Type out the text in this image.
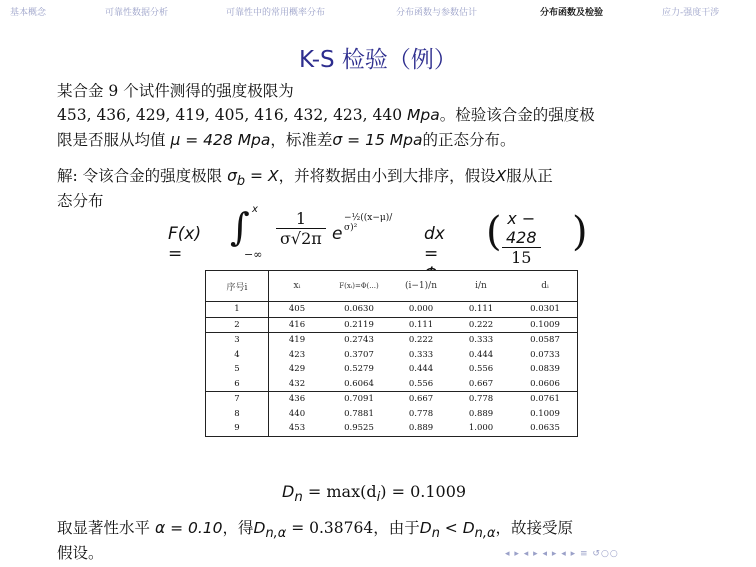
基本概念	可靠性数据分析	可靠性中的常用概率分布	分布函数与参数估计	分布函数及检验	应力-强度干涉
K-S 检验（例）
某合金 9 个试件测得的强度极限为
453, 436, 429, 419, 405, 416, 432, 423, 440 Mpa。检验该合金的强度极
限是否服从均值 μ = 428 Mpa，标准差σ = 15 Mpa的正态分布。
解: 令该合金的强度极限 $\sigma_b = X$，并将数据由小到大排序，假设X服从正
态分布
F(x) =
∫ x
−∞
$\frac{1}{\sigma√2\pi}$ e
−½((x−μ)/σ)²	dx = ( $\frac{x - 428}{15}$ )
序号i	xᵢ	F(xᵢ)=Φ(...)	(i−1)/n	i/n	dᵢ
1	405	0.0630	0.000	0.111	0.0301
2	416	0.2119	0.111	0.222	0.1009
3	419	0.2743	0.222	0.333	0.0587
4	423	0.3707	0.333	0.444	0.0733
5	429	0.5279	0.444	0.556	0.0839
6	432	0.6064	0.556	0.667	0.0606
7	436	0.7091	0.667	0.778	0.0761
8	440	0.7881	0.778	0.889	0.1009
9	453	0.9525	0.889	1.000	0.0635
$D_n = \max(d_i) = 0.1009$
取显著性水平 α = 0.10，得$D_{n,\alpha} = 0.38764$，由于$D_n < D_{n,\alpha}$，故接受原
假设。	◂ ▸ ◂ ▸ ◂ ▸ ◂ ▸ ≡ ↺○○
